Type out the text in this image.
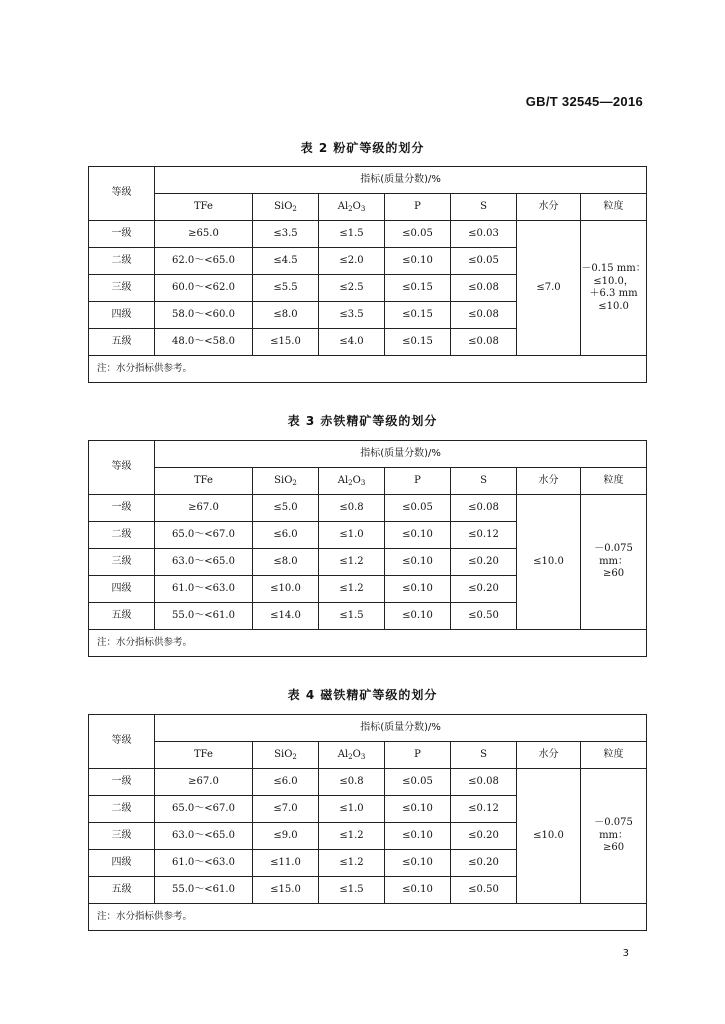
GB/T 32545—2016
表 2 粉矿等级的划分
等级	指标(质量分数)/%						
	TFe	SiO$_2$	$Al_2O_3$	P	S	水分	粒度
一级	≥65.0	≤3.5	≤1.5	≤0.05	≤0.03	≤7.0	－0.15 mm：
≤10.0，
＋6.3 mm
≤10.0

二级	62.0～<65.0	≤4.5	≤2.0	≤0.10	≤0.05		
三级	60.0～<62.0	≤5.5	≤2.5	≤0.15	≤0.08		
四级	58.0～<60.0	≤8.0	≤3.5	≤0.15	≤0.08		
五级	48.0～<58.0	≤15.0	≤4.0	≤0.15	≤0.08		
注：水分指标供参考。							
表 3 赤铁精矿等级的划分
等级	指标(质量分数)/%						
	TFe	SiO$_2$	$Al_2O_3$	P	S	水分	粒度
一级	≥67.0	≤5.0	≤0.8	≤0.05	≤0.08	≤10.0	－0.075 mm：
≥60

二级	65.0～<67.0	≤6.0	≤1.0	≤0.10	≤0.12		
三级	63.0～<65.0	≤8.0	≤1.2	≤0.10	≤0.20		
四级	61.0～<63.0	≤10.0	≤1.2	≤0.10	≤0.20		
五级	55.0～<61.0	≤14.0	≤1.5	≤0.10	≤0.50		
注：水分指标供参考。							
表 4 磁铁精矿等级的划分
等级	指标(质量分数)/%						
	TFe	SiO$_2$	$Al_2O_3$	P	S	水分	粒度
一级	≥67.0	≤6.0	≤0.8	≤0.05	≤0.08	≤10.0	－0.075 mm：
≥60

二级	65.0～<67.0	≤7.0	≤1.0	≤0.10	≤0.12		
三级	63.0～<65.0	≤9.0	≤1.2	≤0.10	≤0.20		
四级	61.0～<63.0	≤11.0	≤1.2	≤0.10	≤0.20		
五级	55.0～<61.0	≤15.0	≤1.5	≤0.10	≤0.50		
注：水分指标供参考。							
3
